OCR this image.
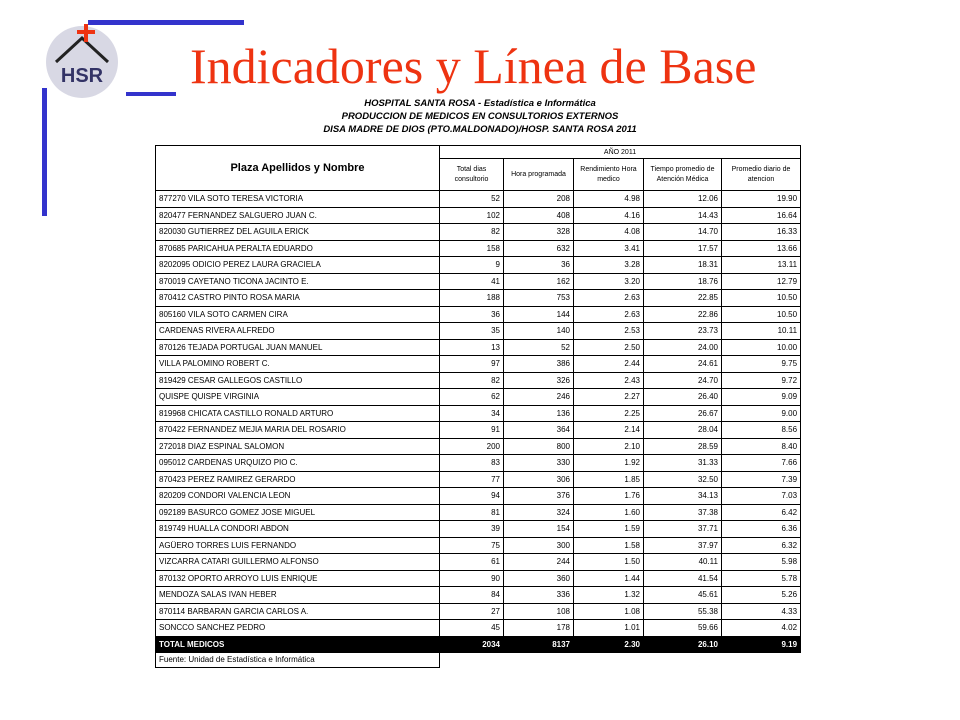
HSR Indicadores y Línea de Base
HOSPITAL SANTA ROSA - Estadística e Informática
PRODUCCION DE MEDICOS EN CONSULTORIOS EXTERNOS
DISA MADRE DE DIOS (PTO.MALDONADO)/HOSP. SANTA ROSA 2011
Plaza Apellidos y Nombre	AÑO 2011				
	Total dias consultorio	Hora programada	Rendimiento Hora medico	Tiempo promedio de Atención Médica	Promedio diario de atencion
877270 VILA SOTO TERESA VICTORIA	52	208	4.98	12.06	19.90
820477 FERNANDEZ SALGUERO JUAN C.	102	408	4.16	14.43	16.64
820030 GUTIERREZ DEL AGUILA ERICK	82	328	4.08	14.70	16.33
870685 PARICAHUA PERALTA EDUARDO	158	632	3.41	17.57	13.66
8202095 ODICIO PEREZ LAURA GRACIELA	9	36	3.28	18.31	13.11
870019 CAYETANO TICONA JACINTO E.	41	162	3.20	18.76	12.79
870412 CASTRO PINTO ROSA MARIA	188	753	2.63	22.85	10.50
805160 VILA SOTO CARMEN CIRA	36	144	2.63	22.86	10.50
CARDENAS RIVERA ALFREDO	35	140	2.53	23.73	10.11
870126 TEJADA PORTUGAL JUAN MANUEL	13	52	2.50	24.00	10.00
VILLA PALOMINO ROBERT C.	97	386	2.44	24.61	9.75
819429 CESAR GALLEGOS CASTILLO	82	326	2.43	24.70	9.72
QUISPE QUISPE VIRGINIA	62	246	2.27	26.40	9.09
819968 CHICATA CASTILLO RONALD ARTURO	34	136	2.25	26.67	9.00
870422 FERNANDEZ MEJIA MARIA DEL ROSARIO	91	364	2.14	28.04	8.56
272018 DIAZ ESPINAL SALOMON	200	800	2.10	28.59	8.40
095012 CARDENAS URQUIZO PIO C.	83	330	1.92	31.33	7.66
870423 PEREZ RAMIREZ GERARDO	77	306	1.85	32.50	7.39
820209 CONDORI VALENCIA LEON	94	376	1.76	34.13	7.03
092189 BASURCO GOMEZ JOSE MIGUEL	81	324	1.60	37.38	6.42
819749 HUALLA CONDORI ABDON	39	154	1.59	37.71	6.36
AGÜERO TORRES LUIS FERNANDO	75	300	1.58	37.97	6.32
VIZCARRA CATARI GUILLERMO ALFONSO	61	244	1.50	40.11	5.98
870132 OPORTO ARROYO LUIS ENRIQUE	90	360	1.44	41.54	5.78
MENDOZA SALAS IVAN HEBER	84	336	1.32	45.61	5.26
870114 BARBARAN GARCIA CARLOS A.	27	108	1.08	55.38	4.33
SONCCO SANCHEZ PEDRO	45	178	1.01	59.66	4.02
TOTAL MEDICOS	2034	8137	2.30	26.10	9.19
Fuente: Unidad de Estadística e Informática					
